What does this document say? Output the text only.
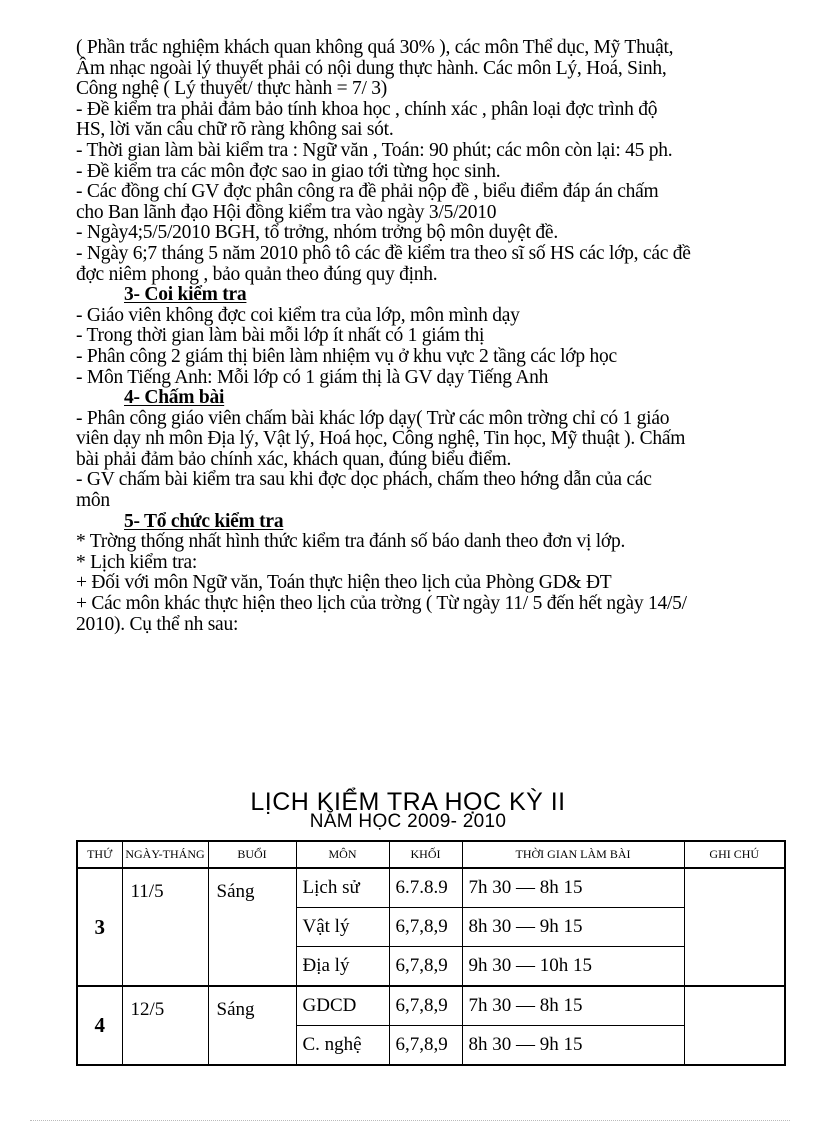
( Phần trắc nghiệm khách quan không quá 30% ), các môn Thể dục, Mỹ Thuật,
Âm nhạc ngoài lý thuyết phải có nội dung thực hành. Các môn Lý, Hoá, Sinh,
Công nghệ ( Lý thuyết/ thực hành = 7/ 3)
- Đề kiểm tra phải đảm bảo tính khoa học , chính xác , phân loại đợc trình độ
HS, lời văn câu chữ rõ ràng không sai sót.
- Thời gian làm bài kiểm tra : Ngữ văn , Toán: 90 phút; các môn còn lại: 45 ph.
- Đề kiểm tra các môn đợc sao in giao tới từng học sinh.
- Các đồng chí GV đợc phân công ra đề phải nộp đề , biểu điểm đáp án chấm
cho Ban lãnh đạo Hội đồng kiểm tra vào ngày 3/5/2010
- Ngày4;5/5/2010 BGH, tổ trởng, nhóm trởng bộ môn duyệt đề.
- Ngày 6;7 tháng 5 năm 2010 phô tô các đề kiểm tra theo sĩ số HS các lớp, các đề
đợc niêm phong , bảo quản theo đúng quy định.
3- Coi kiểm tra
- Giáo viên không đợc coi kiểm tra của lớp, môn mình dạy
- Trong thời gian làm bài mỗi lớp ít nhất có 1 giám thị
- Phân công 2 giám thị biên làm nhiệm vụ ở khu vực 2 tầng các lớp học
- Môn Tiếng Anh: Mỗi lớp có 1 giám thị là GV dạy Tiếng Anh
4- Chấm bài
- Phân công giáo viên chấm bài khác lớp dạy( Trừ các môn trờng chỉ có 1 giáo
viên dạy nh môn Địa lý, Vật lý, Hoá học, Công nghệ, Tin học, Mỹ thuật ). Chấm
bài phải đảm bảo chính xác, khách quan, đúng biểu điểm.
- GV chấm bài kiểm tra sau khi đợc dọc phách, chấm theo hớng dẫn của các
môn
5- Tổ chức kiểm tra
* Trờng thống nhất hình thức kiểm tra đánh số báo danh theo đơn vị lớp.
* Lịch kiểm tra:
+ Đối với môn Ngữ văn, Toán thực hiện theo lịch của Phòng GD& ĐT
+ Các môn khác thực hiện theo lịch của trờng ( Từ ngày 11/ 5 đến hết ngày 14/5/
2010). Cụ thể nh sau:
LỊCH KIỂM TRA HỌC KỲ II
NĂM HỌC 2009- 2010
THỨ	NGÀY-THÁNG	BUỔI	MÔN	KHỐI	THỜI GIAN LÀM BÀI	GHI CHÚ
3	11/5	Sáng	Lịch sử	6.7.8.9	7h 30 — 8h 15	
			Vật lý	6,7,8,9	8h 30 — 9h 15	
			Địa lý	6,7,8,9	9h 30 — 10h 15	
4	12/5	Sáng	GDCD	6,7,8,9	7h 30 — 8h 15	
			C. nghệ	6,7,8,9	8h 30 — 9h 15	
